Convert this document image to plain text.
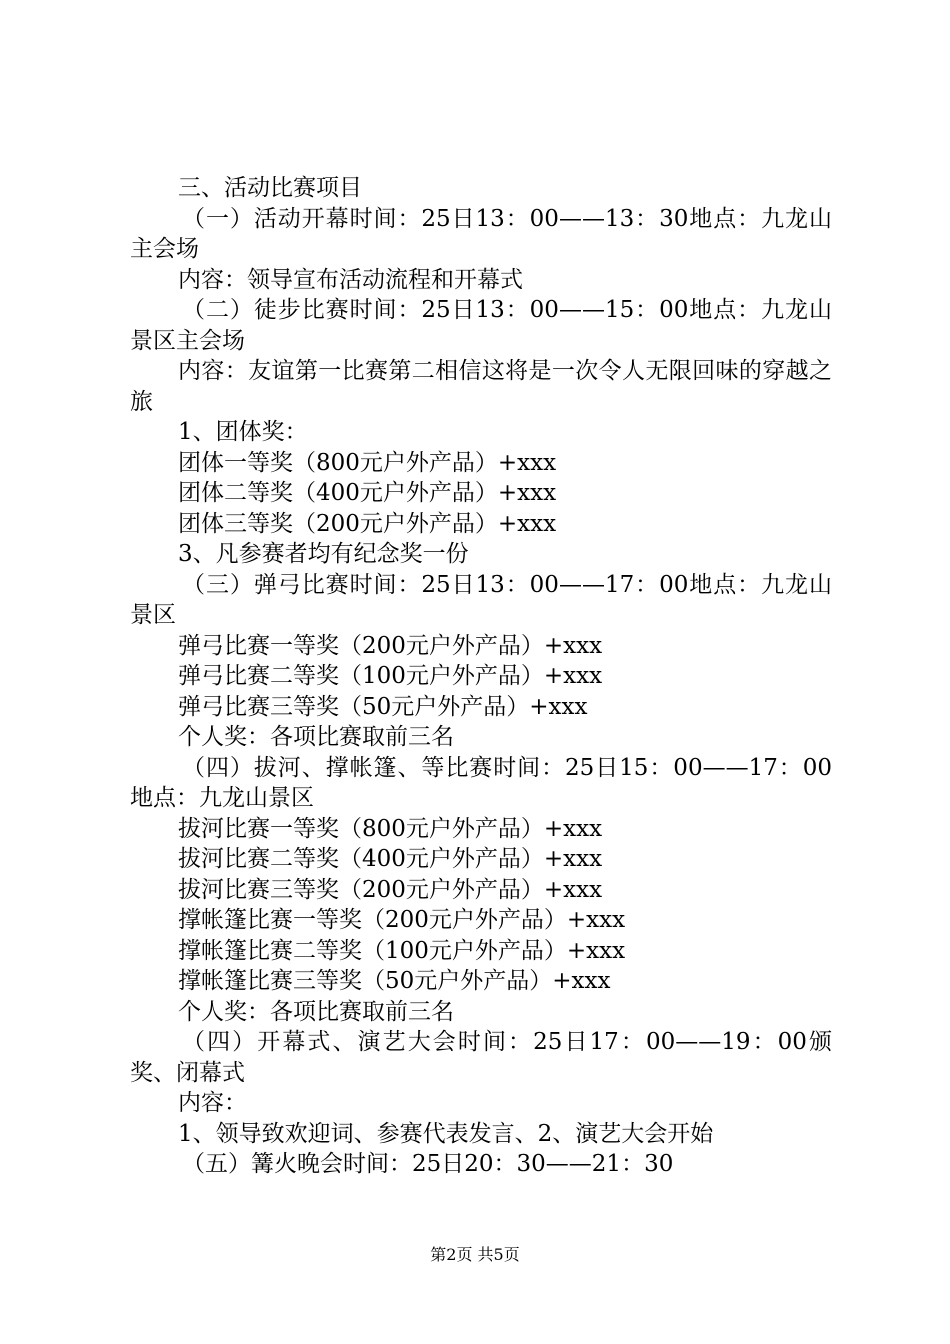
三、活动比赛项目

（一）活动开幕时间：25日13：00——13：30地点：九龙山主会场

内容：领导宣布活动流程和开幕式

（二）徒步比赛时间：25日13：00——15：00地点：九龙山景区主会场

内容：友谊第一比赛第二相信这将是一次令人无限回味的穿越之旅

1、团体奖：

团体一等奖（800元户外产品）+xxx

团体二等奖（400元户外产品）+xxx

团体三等奖（200元户外产品）+xxx

3、凡参赛者均有纪念奖一份

（三）弹弓比赛时间：25日13：00——17：00地点：九龙山景区

弹弓比赛一等奖（200元户外产品）+xxx

弹弓比赛二等奖（100元户外产品）+xxx

弹弓比赛三等奖（50元户外产品）+xxx

个人奖：各项比赛取前三名

（四）拔河、撑帐篷、等比赛时间：25日15：00——17：00地点：九龙山景区

拔河比赛一等奖（800元户外产品）+xxx

拔河比赛二等奖（400元户外产品）+xxx

拔河比赛三等奖（200元户外产品）+xxx

撑帐篷比赛一等奖（200元户外产品）+xxx

撑帐篷比赛二等奖（100元户外产品）+xxx

撑帐篷比赛三等奖（50元户外产品）+xxx

个人奖：各项比赛取前三名

（四）开幕式、演艺大会时间：25日17：00——19：00颁奖、闭幕式

内容：

1、领导致欢迎词、参赛代表发言、2、演艺大会开始

（五）篝火晚会时间：25日20：30——21：30

第2页 共5页
